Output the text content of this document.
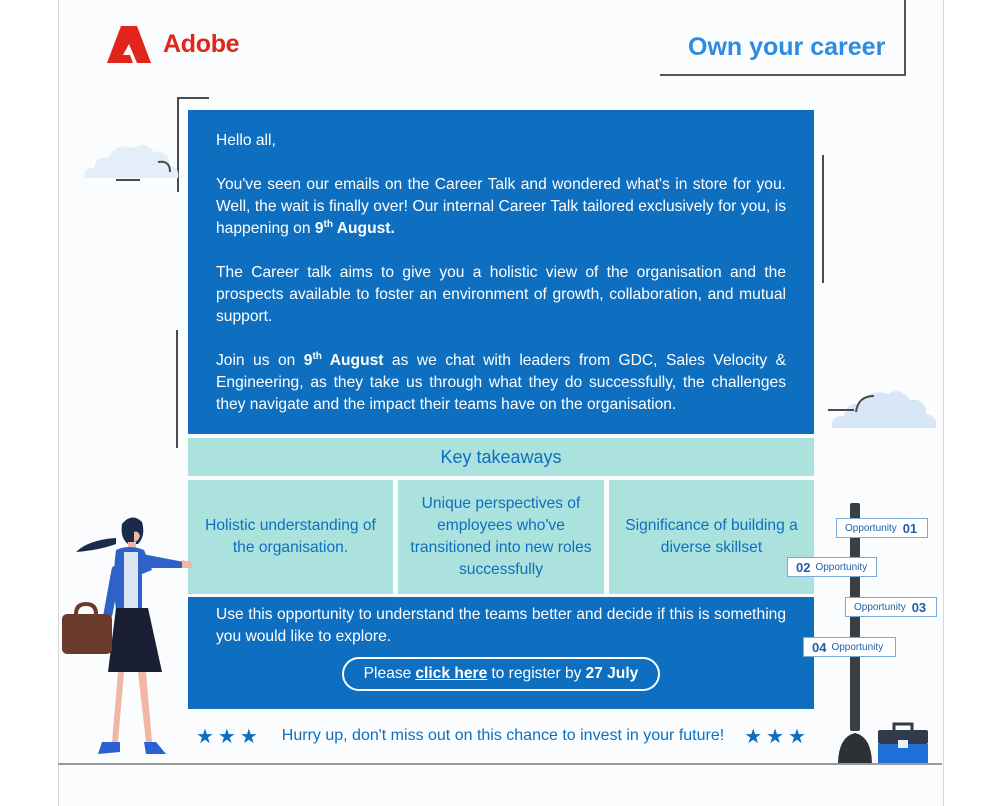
Adobe	Own your career

Hello all,

You've seen our emails on the Career Talk and wondered what's in store for you. Well, the wait is finally over! Our internal Career Talk tailored exclusively for you, is happening on 9th August.

The Career talk aims to give you a holistic view of the organisation and the prospects available to foster an environment of growth, collaboration, and mutual support.

Join us on 9th August as we chat with leaders from GDC, Sales Velocity & Engineering, as they take us through what they do successfully, the challenges they navigate and the impact their teams have on the organisation.

Key takeaways
Holistic understanding of the organisation.
Unique perspectives of employees who've transitioned into new roles successfully
Significance of building a diverse skillset
Use this opportunity to understand the teams better and decide if this is something you would like to explore.
Please click here to register by 27 July
★★★ Hurry up, don't miss out on this chance to invest in your future! ★★★
Opportunity 01
02 Opportunity
Opportunity 03
04 Opportunity
